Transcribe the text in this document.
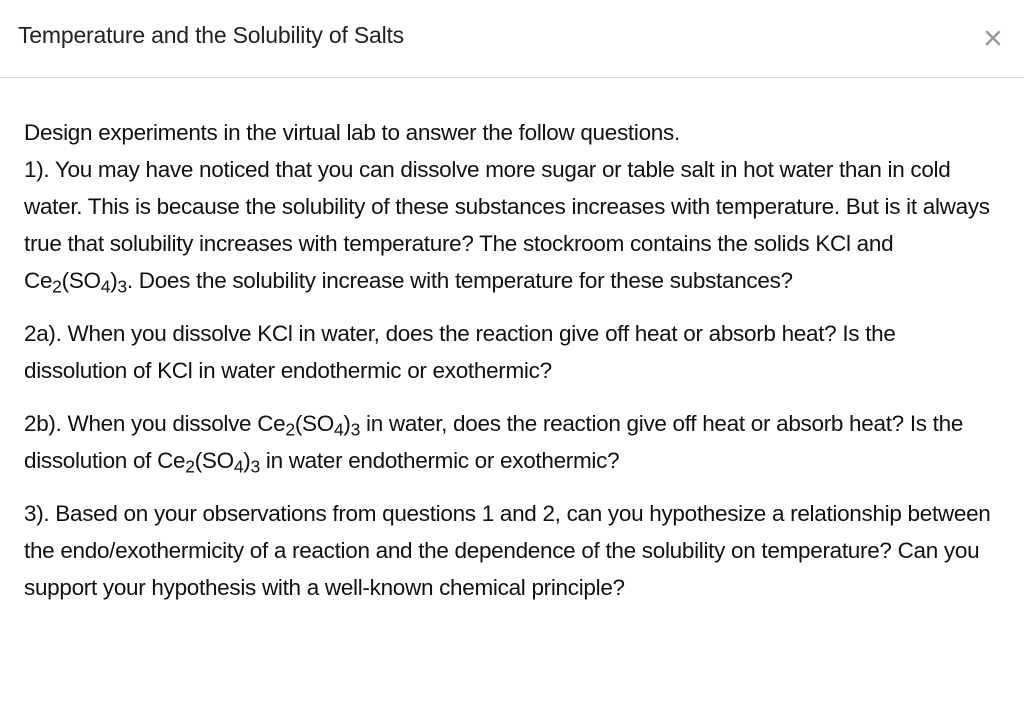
Temperature and the Solubility of Salts

Design experiments in the virtual lab to answer the follow questions.
1). You may have noticed that you can dissolve more sugar or table salt in hot water than in cold water. This is because the solubility of these substances increases with temperature. But is it always true that solubility increases with temperature? The stockroom contains the solids KCl and $Ce_2(SO_4)_3$. Does the solubility increase with temperature for these substances?

2a). When you dissolve KCl in water, does the reaction give off heat or absorb heat? Is the dissolution of KCl in water endothermic or exothermic?

2b). When you dissolve $Ce_2(SO_4)_3$ in water, does the reaction give off heat or absorb heat? Is the dissolution of $Ce_2(SO_4)_3$ in water endothermic or exothermic?

3). Based on your observations from questions 1 and 2, can you hypothesize a relationship between the endo/exothermicity of a reaction and the dependence of the solubility on temperature? Can you support your hypothesis with a well-known chemical principle?
